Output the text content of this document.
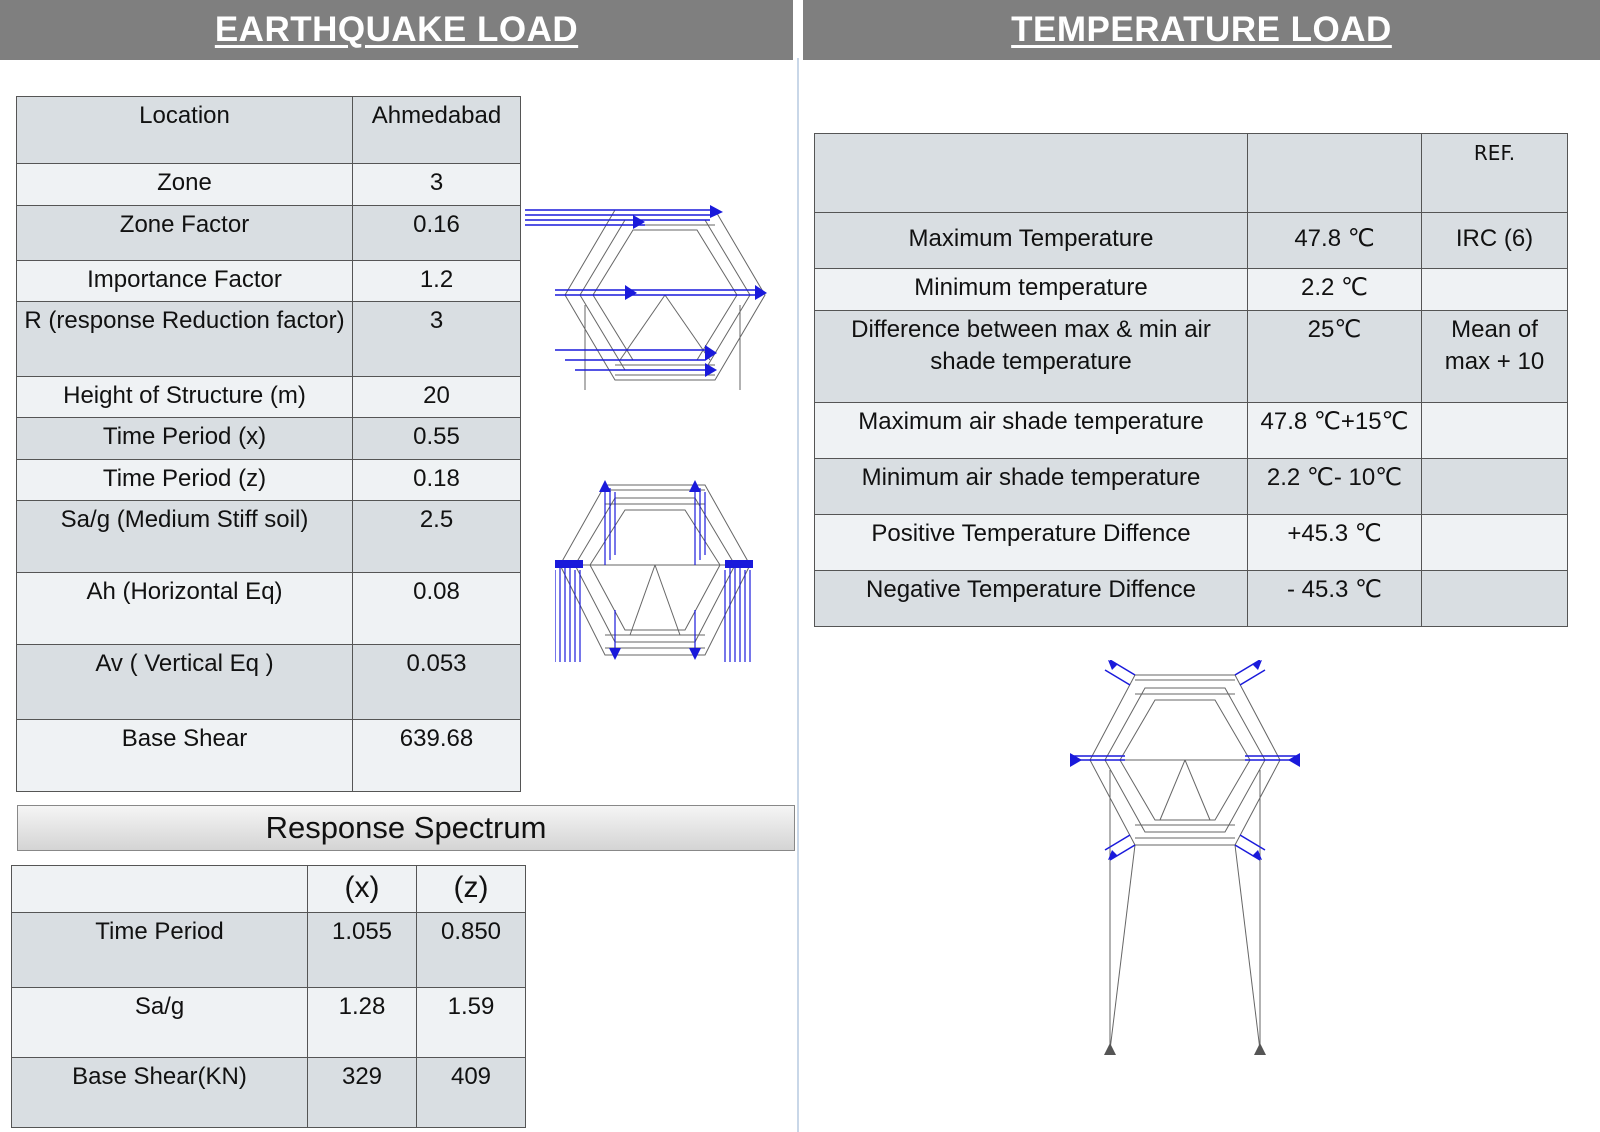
EARTHQUAKE LOAD	TEMPERATURE LOAD
Location	Ahmedabad
Zone	3
Zone Factor	0.16
Importance Factor	1.2
R (response Reduction factor)	3
Height of Structure (m)	20
Time Period (x)	0.55
Time Period (z)	0.18
Sa/g (Medium Stiff soil)	2.5
Ah (Horizontal Eq)	0.08
Av ( Vertical Eq )	0.053
Base Shear	639.68
Response Spectrum
	(x)	(z)
Time Period	1.055	0.850
Sa/g	1.28	1.59
Base Shear(KN)	329	409
		REF.
Maximum Temperature	47.8 ℃	IRC (6)
Minimum temperature	2.2 ℃	
Difference between max & min air shade temperature	25℃	Mean of max + 10
Maximum air shade temperature	47.8 ℃+15℃	
Minimum air shade temperature	2.2 ℃- 10℃	
Positive Temperature Diffence	+45.3 ℃	
Negative Temperature Diffence	- 45.3 ℃	
